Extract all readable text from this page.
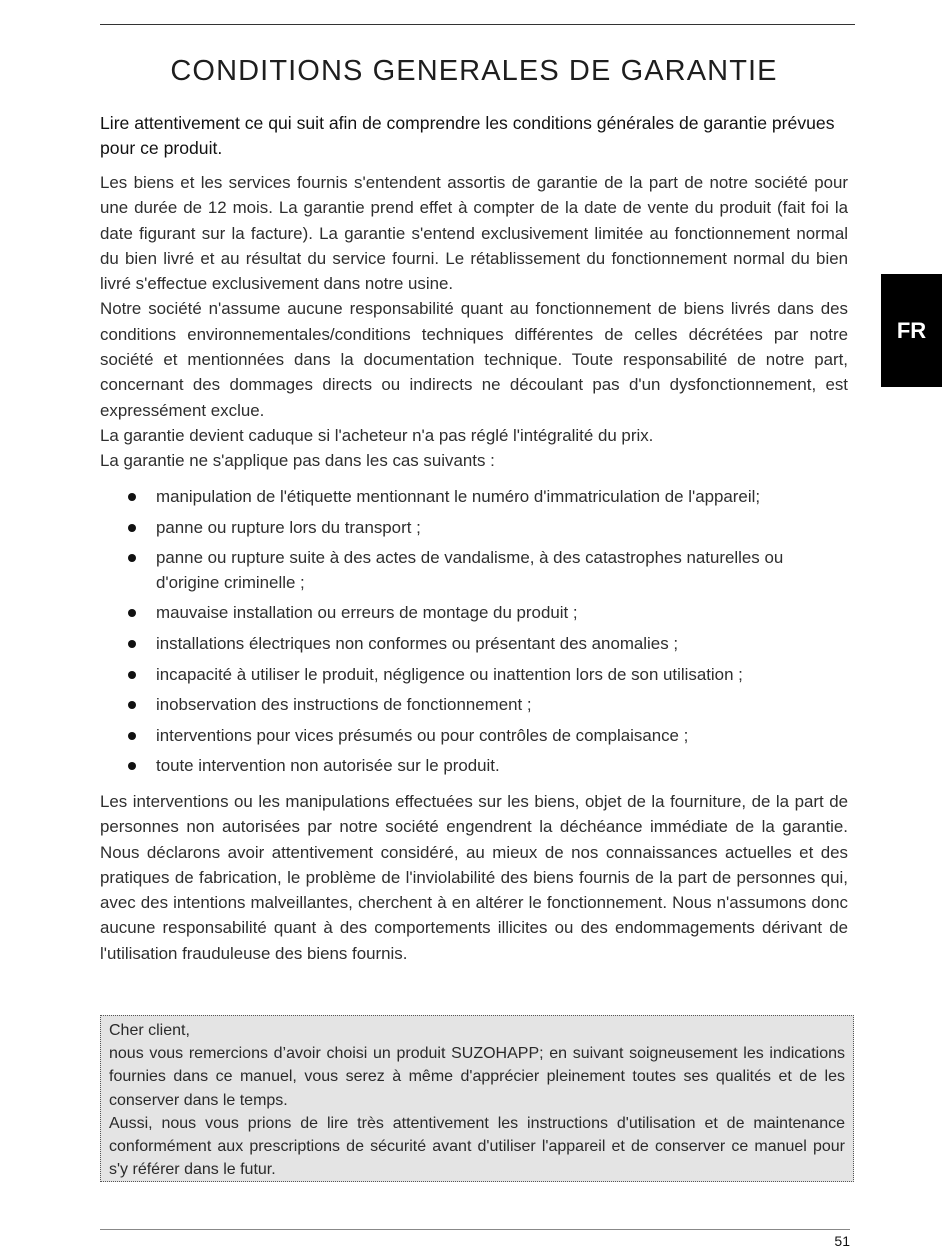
CONDITIONS GENERALES DE GARANTIE

Lire attentivement ce qui suit afin de comprendre les conditions générales de garantie prévues pour ce produit.

Les biens et les services fournis s'entendent assortis de garantie de la part de notre société pour une durée de 12 mois. La garantie prend effet à compter de la date de vente du produit (fait foi la date figurant sur la facture). La garantie s'entend exclusivement limitée au fonctionnement normal du bien livré et au résultat du service fourni. Le rétablissement du fonctionnement normal du bien livré s'effectue exclusivement dans notre usine.

Notre société n'assume aucune responsabilité quant au fonctionnement de biens livrés dans des conditions environnementales/conditions techniques différentes de celles décrétées par notre société et mentionnées dans la documentation technique. Toute responsabilité de notre part, concernant des dommages directs ou indirects ne découlant pas d'un dysfonctionnement, est expressément exclue.

La garantie devient caduque si l'acheteur n'a pas réglé l'intégralité du prix.

La garantie ne s'applique pas dans les cas suivants :

manipulation de l'étiquette mentionnant le numéro d'immatriculation de l'appareil;
panne ou rupture lors du transport ;
panne ou rupture suite à des actes de vandalisme, à des catastrophes naturelles ou d'origine criminelle ;
mauvaise installation ou erreurs de montage du produit ;
installations électriques non conformes ou présentant des anomalies ;
incapacité à utiliser le produit, négligence ou inattention lors de son utilisation ;
inobservation des instructions de fonctionnement ;
interventions pour vices présumés ou pour contrôles de complaisance ;
toute intervention non autorisée sur le produit.

Les interventions ou les manipulations effectuées sur les biens, objet de la fourniture, de la part de personnes non autorisées par notre société engendrent la déchéance immédiate de la garantie. Nous déclarons avoir attentivement considéré, au mieux de nos connaissances actuelles et des pratiques de fabrication, le problème de l'inviolabilité des biens fournis de la part de personnes qui, avec des intentions malveillantes, cherchent à en altérer le fonctionnement. Nous n'assumons donc aucune responsabilité quant à des comportements illicites ou des endommagements dérivant de l'utilisation frauduleuse des biens fournis.

Cher client,

nous vous remercions d’avoir choisi un produit SUZOHAPP; en suivant soigneusement les indications fournies dans ce manuel, vous serez à même d'apprécier pleinement toutes ses qualités et de les conserver dans le temps.

Aussi, nous vous prions de lire très attentivement les instructions d'utilisation et de maintenance conformément aux prescriptions de sécurité avant d'utiliser l'appareil et de conserver ce manuel pour s'y référer dans le futur.

FR
51
